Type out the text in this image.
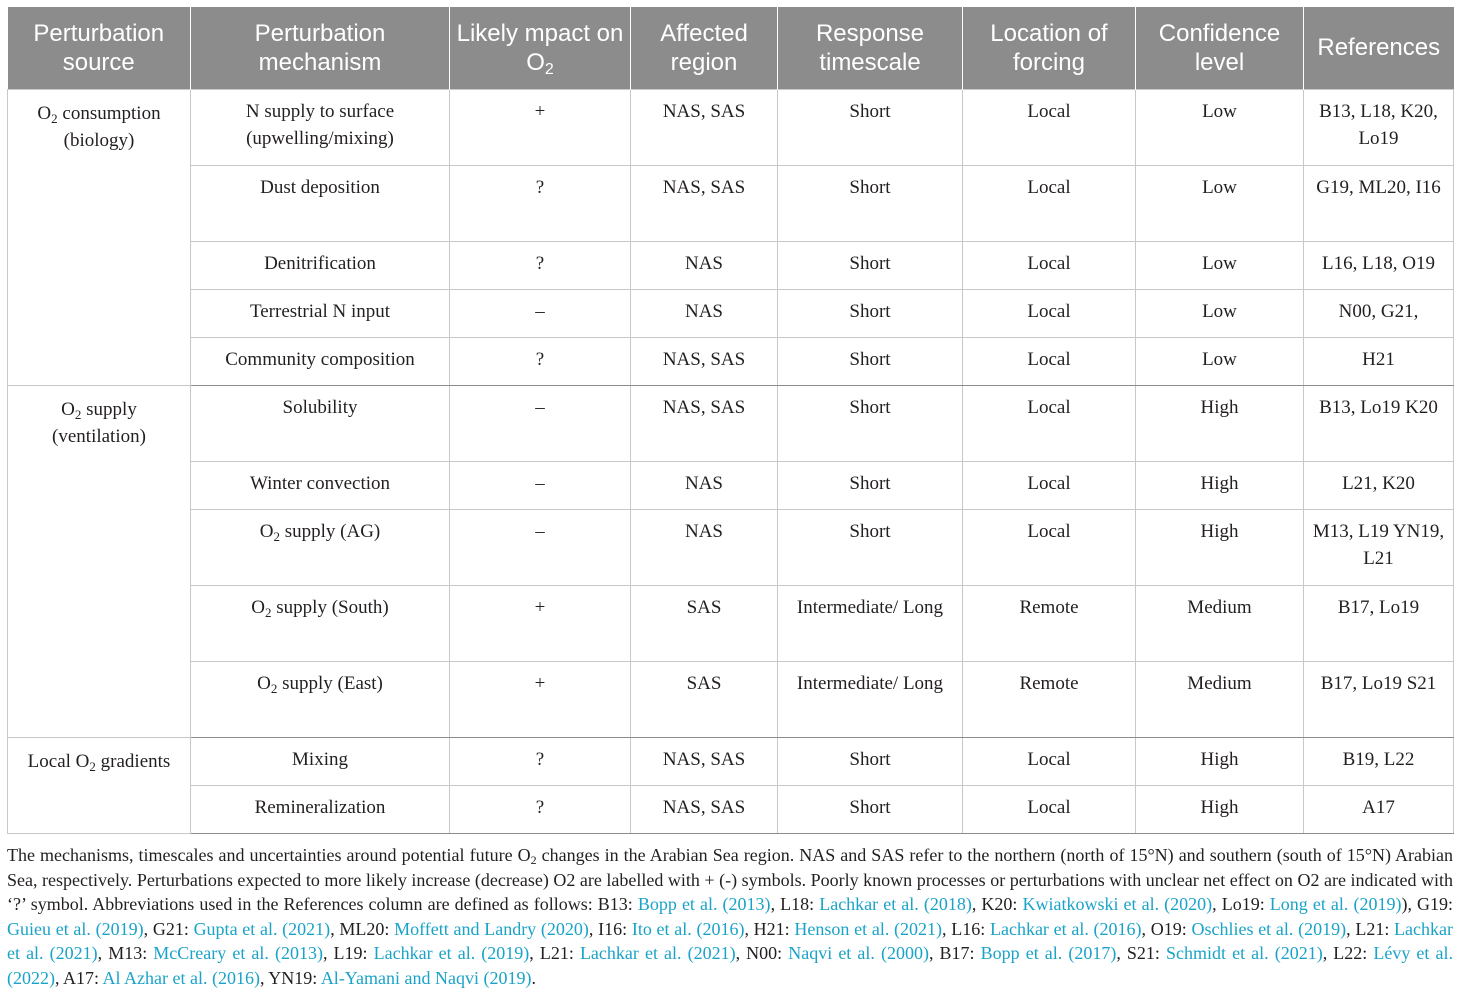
Perturbation source	Perturbation mechanism	Likely mpact on $O_2$	Affected region	Response timescale	Location of forcing	Confidence level	References
$O_2$ consumption (biology)	N supply to surface (upwelling/mixing)	+	NAS, SAS	Short	Local	Low	B13, L18, K20, Lo19
	Dust deposition	?	NAS, SAS	Short	Local	Low	G19, ML20, I16
	Denitrification	?	NAS	Short	Local	Low	L16, L18, O19
	Terrestrial N input	–	NAS	Short	Local	Low	N00, G21,
	Community composition	?	NAS, SAS	Short	Local	Low	H21
$O_2$ supply (ventilation)	Solubility	–	NAS, SAS	Short	Local	High	B13, Lo19 K20
	Winter convection	–	NAS	Short	Local	High	L21, K20
	$O_2$ supply (AG)	–	NAS	Short	Local	High	M13, L19 YN19, L21
	$O_2$ supply (South)	+	SAS	Intermediate/ Long	Remote	Medium	B17, Lo19
	$O_2$ supply (East)	+	SAS	Intermediate/ Long	Remote	Medium	B17, Lo19 S21
Local $O_2$ gradients	Mixing	?	NAS, SAS	Short	Local	High	B19, L22
	Remineralization	?	NAS, SAS	Short	Local	High	A17

The mechanisms, timescales and uncertainties around potential future $O_2$ changes in the Arabian Sea region. NAS and SAS refer to the northern (north of 15°N) and southern (south of 15°N) Arabian Sea, respectively. Perturbations expected to more likely increase (decrease) O2 are labelled with + (-) symbols. Poorly known processes or perturbations with unclear net effect on O2 are indicated with ‘?’ symbol. Abbreviations used in the References column are defined as follows: B13: Bopp et al. (2013), L18: Lachkar et al. (2018), K20: Kwiatkowski et al. (2020), Lo19: Long et al. (2019)), G19: Guieu et al. (2019), G21: Gupta et al. (2021), ML20: Moffett and Landry (2020), I16: Ito et al. (2016), H21: Henson et al. (2021), L16: Lachkar et al. (2016), O19: Oschlies et al. (2019), L21: Lachkar et al. (2021), M13: McCreary et al. (2013), L19: Lachkar et al. (2019), L21: Lachkar et al. (2021), N00: Naqvi et al. (2000), B17: Bopp et al. (2017), S21: Schmidt et al. (2021), L22: Lévy et al. (2022), A17: Al Azhar et al. (2016), YN19: Al-Yamani and Naqvi (2019).
